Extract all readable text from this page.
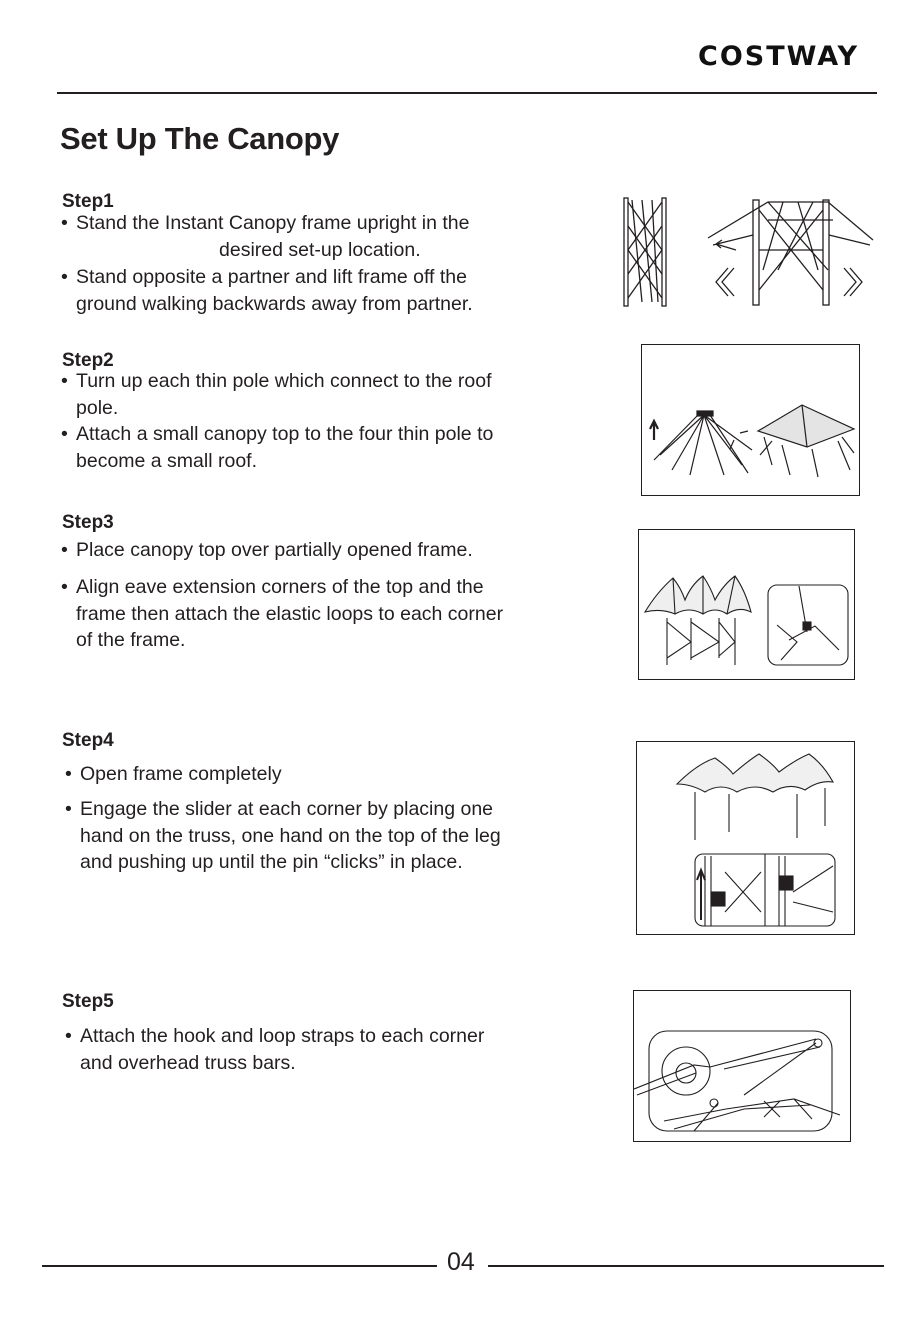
COSTWAY
Set Up The Canopy
Step1
• Stand the Instant Canopy frame upright in the
desired set-up location.
• Stand opposite a partner and lift frame off the
ground walking backwards away from partner.
Step2
• Turn up each thin pole which connect to the roof
pole.
• Attach a small canopy top to the four thin pole to
become a small roof.
Step3
• Place canopy top over partially opened frame.
• Align eave extension corners of the top and the
frame then attach the elastic loops to each corner
of the frame.
Step4
• Open frame completely
• Engage the slider at each corner by placing one
hand on the truss, one hand on the top of the leg
and pushing up until the pin “clicks” in place.
Step5
• Attach the hook and loop straps to each corner
and overhead truss bars.
04
